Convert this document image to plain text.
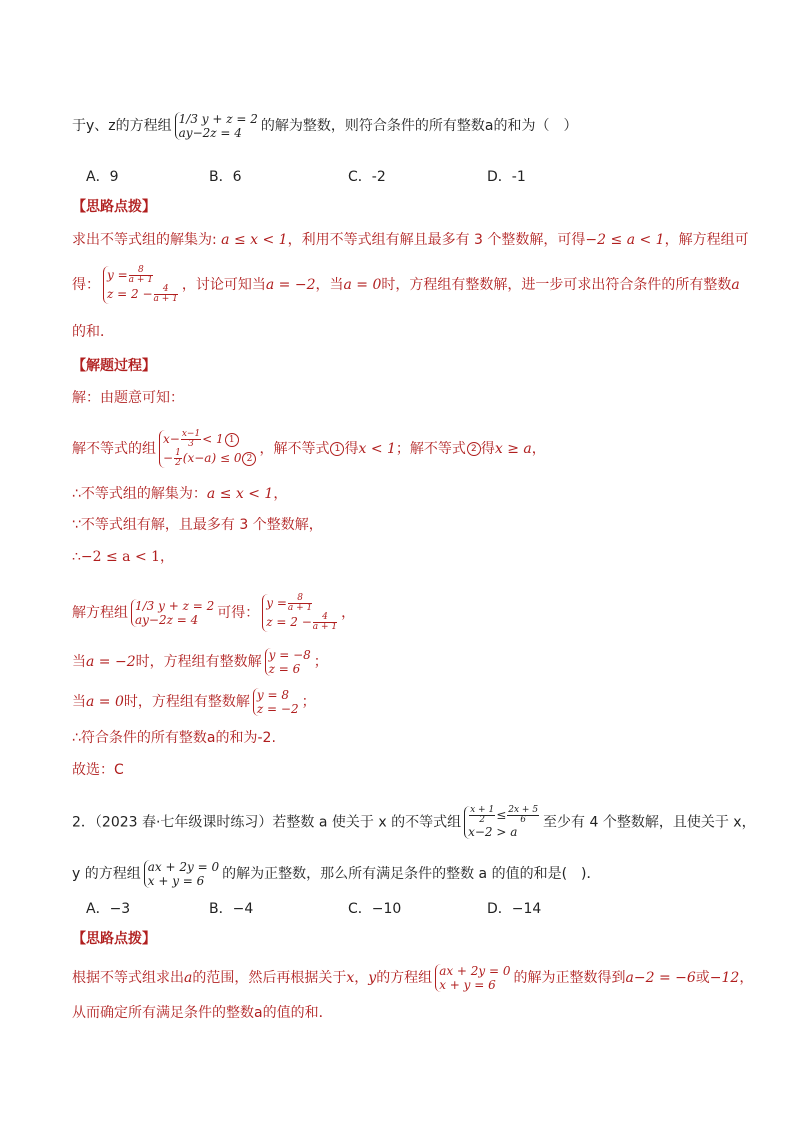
于y、z的方程组 1/3 y + z = 2
ay−2z = 4	的解为整数，则符合条件的所有整数a的和为（　）
A．9	B．6	C．-2	D．-1
【思路点拨】
求出不等式组的解集为: a ≤ x < 1，利用不等式组有解且最多有 3 个整数解，可得−2 ≤ a < 1，解方程组可
得：
$y = \frac{8}{a + 1}$
$z = 2 - \frac{4}{a + 1}$ ，讨论可知当a = −2，当a = 0时，方程组有整数解，进一步可求出符合条件的所有整数a
的和．
【解题过程】
解：由题意可知：
解不等式的组
$x- \frac{x-1}{3} < 1$ 1
− $\frac{1}{2} (x-a) \le 0$ 2
，解不等式 1 得x < 1；解不等式 2 得x ≥ a，
∴不等式组的解集为：a ≤ x < 1，
∵不等式组有解，且最多有 3 个整数解，
∴−2 ≤ a < 1，
解方程组 1/3 y + z = 2
ay−2z = 4	可得：
$y = \frac{8}{a + 1}$
$z = 2 - \frac{4}{a + 1}$ ，
当a = −2时，方程组有整数解 y = −8
z = 6 ；
当a = 0时，方程组有整数解 y = 8
z = −2 ；
∴符合条件的所有整数a的和为-2.
故选：C
2．（2023 春·七年级课时练习）若整数 a 使关于 x 的不等式组 $\frac{x + 1}{2} \le \frac{2x + 5}{6}$
x−2 > a
至少有 4 个整数解，且使关于 x，
y 的方程组 ax + 2y = 0
x + y = 6	的解为正整数，那么所有满足条件的整数 a 的值的和是(　)．
A．−3	B．−4	C．−10	D．−14
【思路点拨】
根据不等式组求出a的范围，然后再根据关于x，y的方程组 ax + 2y = 0
x + y = 6	的解为正整数得到a−2 = −6或−12，
从而确定所有满足条件的整数a的值的和．
